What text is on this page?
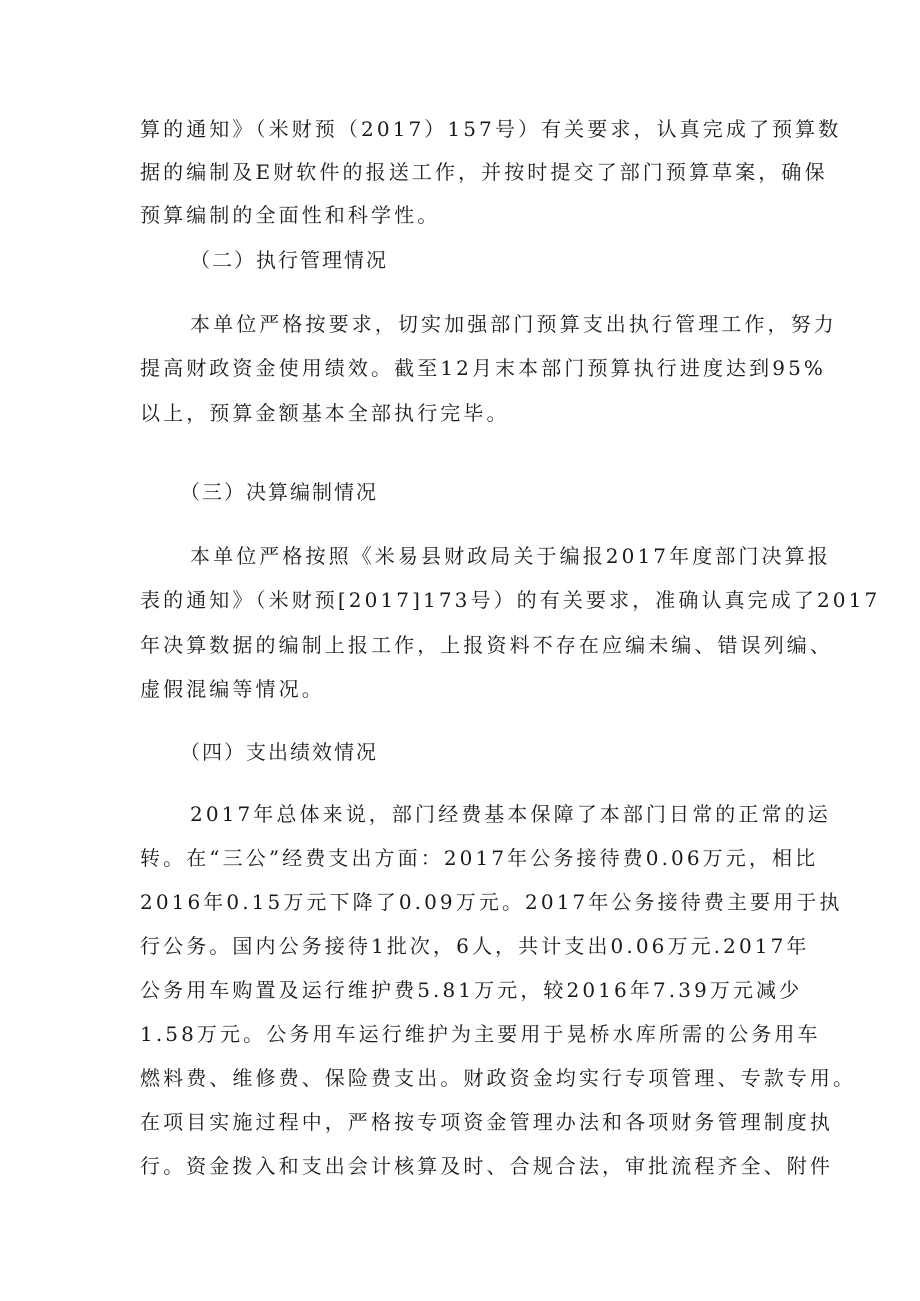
算的通知》（米财预（2017）157号）有关要求，认真完成了预算数
据的编制及E财软件的报送工作，并按时提交了部门预算草案，确保
预算编制的全面性和科学性。
（二）执行管理情况
本单位严格按要求，切实加强部门预算支出执行管理工作，努力
提高财政资金使用绩效。截至12月末本部门预算执行进度达到95%
以上，预算金额基本全部执行完毕。
（三）决算编制情况
本单位严格按照《米易县财政局关于编报2017年度部门决算报
表的通知》（米财预[2017]173号）的有关要求，准确认真完成了2017
年决算数据的编制上报工作，上报资料不存在应编未编、错误列编、
虚假混编等情况。
（四）支出绩效情况
2017年总体来说，部门经费基本保障了本部门日常的正常的运
转。在“三公”经费支出方面：2017年公务接待费0.06万元，相比
2016年0.15万元下降了0.09万元。2017年公务接待费主要用于执
行公务。国内公务接待1批次，6人，共计支出0.06万元.2017年
公务用车购置及运行维护费5.81万元，较2016年7.39万元减少
1.58万元。公务用车运行维护为主要用于晃桥水库所需的公务用车
燃料费、维修费、保险费支出。财政资金均实行专项管理、专款专用。
在项目实施过程中，严格按专项资金管理办法和各项财务管理制度执
行。资金拨入和支出会计核算及时、合规合法，审批流程齐全、附件
